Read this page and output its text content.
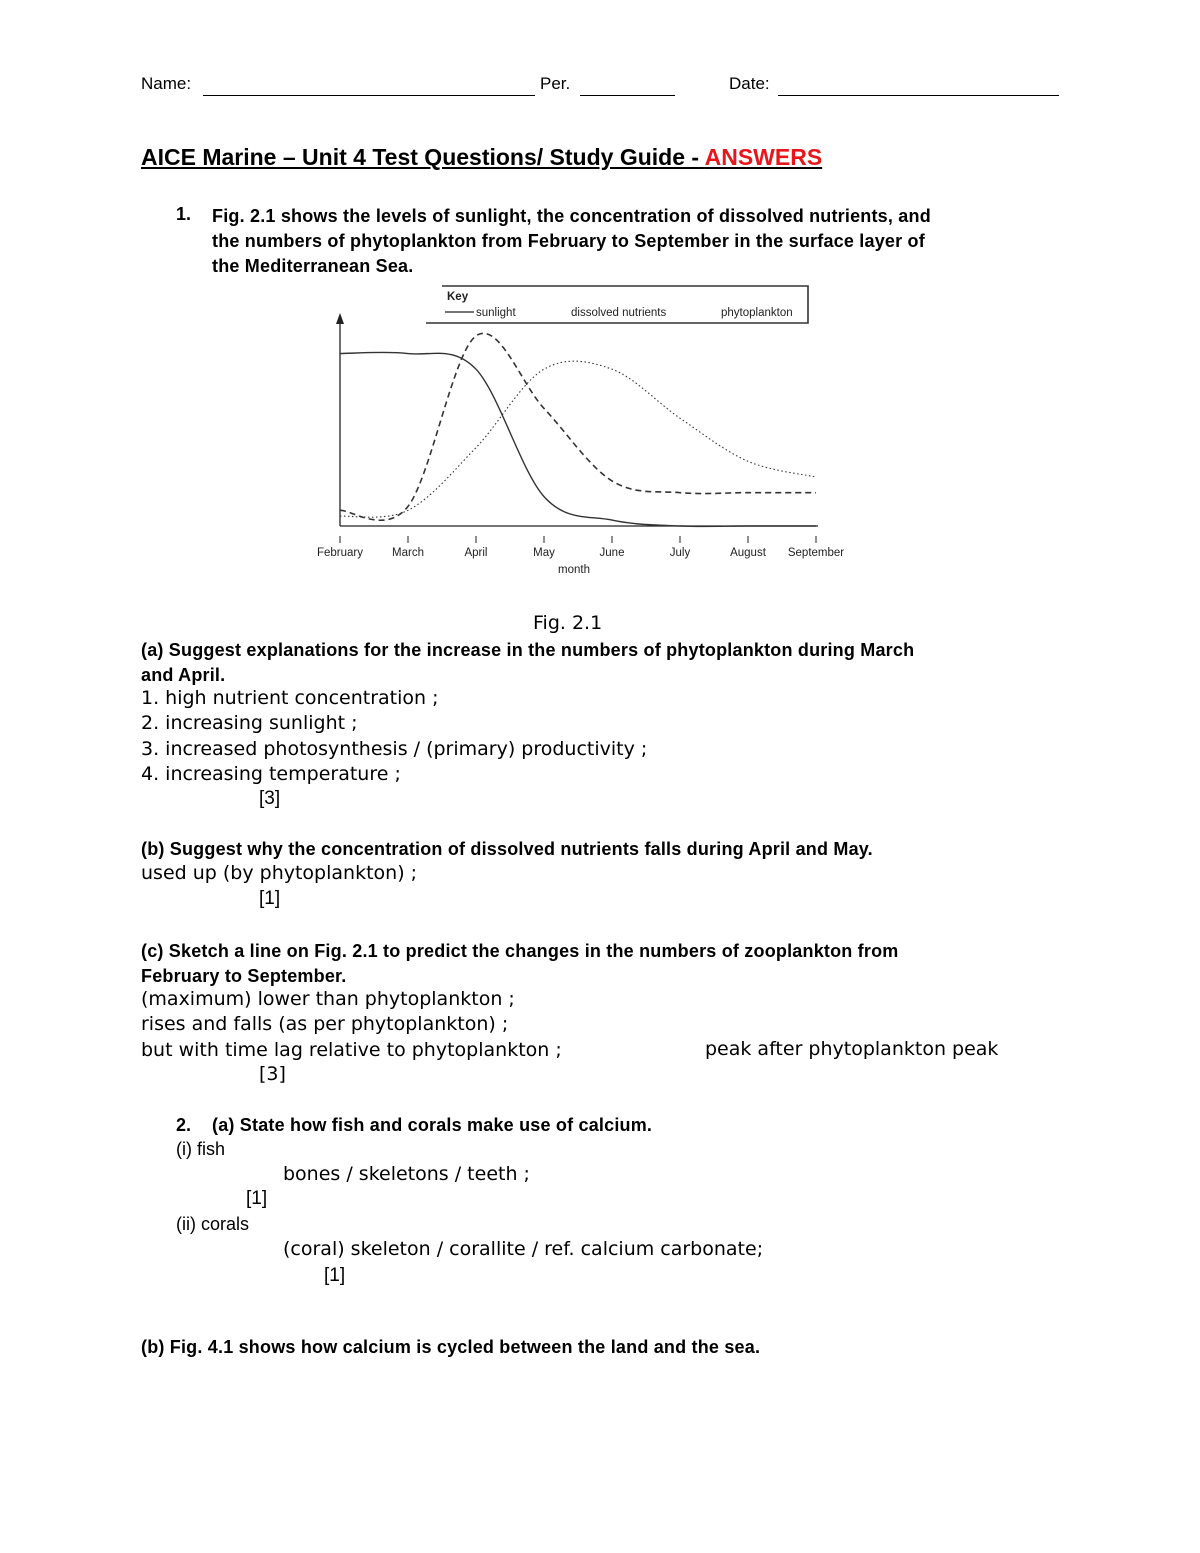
Name:	Per.	Date:
AICE Marine – Unit 4 Test Questions/ Study Guide - ANSWERS
1. Fig. 2.1 shows the levels of sunlight, the concentration of dissolved nutrients, and
the numbers of phytoplankton from February to September in the surface layer of
the Mediterranean Sea.
Key
sunlight	dissolved nutrients	phytoplankton
February	March	April	May	June	July	August September
month
Fig. 2.1
(a) Suggest explanations for the increase in the numbers of phytoplankton during March
and April.
1. high nutrient concentration ;
2. increasing sunlight ;
3. increased photosynthesis / (primary) productivity ;
4. increasing temperature ;
[3]
(b) Suggest why the concentration of dissolved nutrients falls during April and May.
used up (by phytoplankton) ;
[1]
(c) Sketch a line on Fig. 2.1 to predict the changes in the numbers of zooplankton from
February to September.
(maximum) lower than phytoplankton ;
rises and falls (as per phytoplankton) ;
but with time lag relative to phytoplankton ;	peak after phytoplankton peak
[3]
2. (a) State how fish and corals make use of calcium.
(i) fish
bones / skeletons / teeth ;
[1]
(ii) corals
(coral) skeleton / corallite / ref. calcium carbonate;
[1]
(b) Fig. 4.1 shows how calcium is cycled between the land and the sea.
